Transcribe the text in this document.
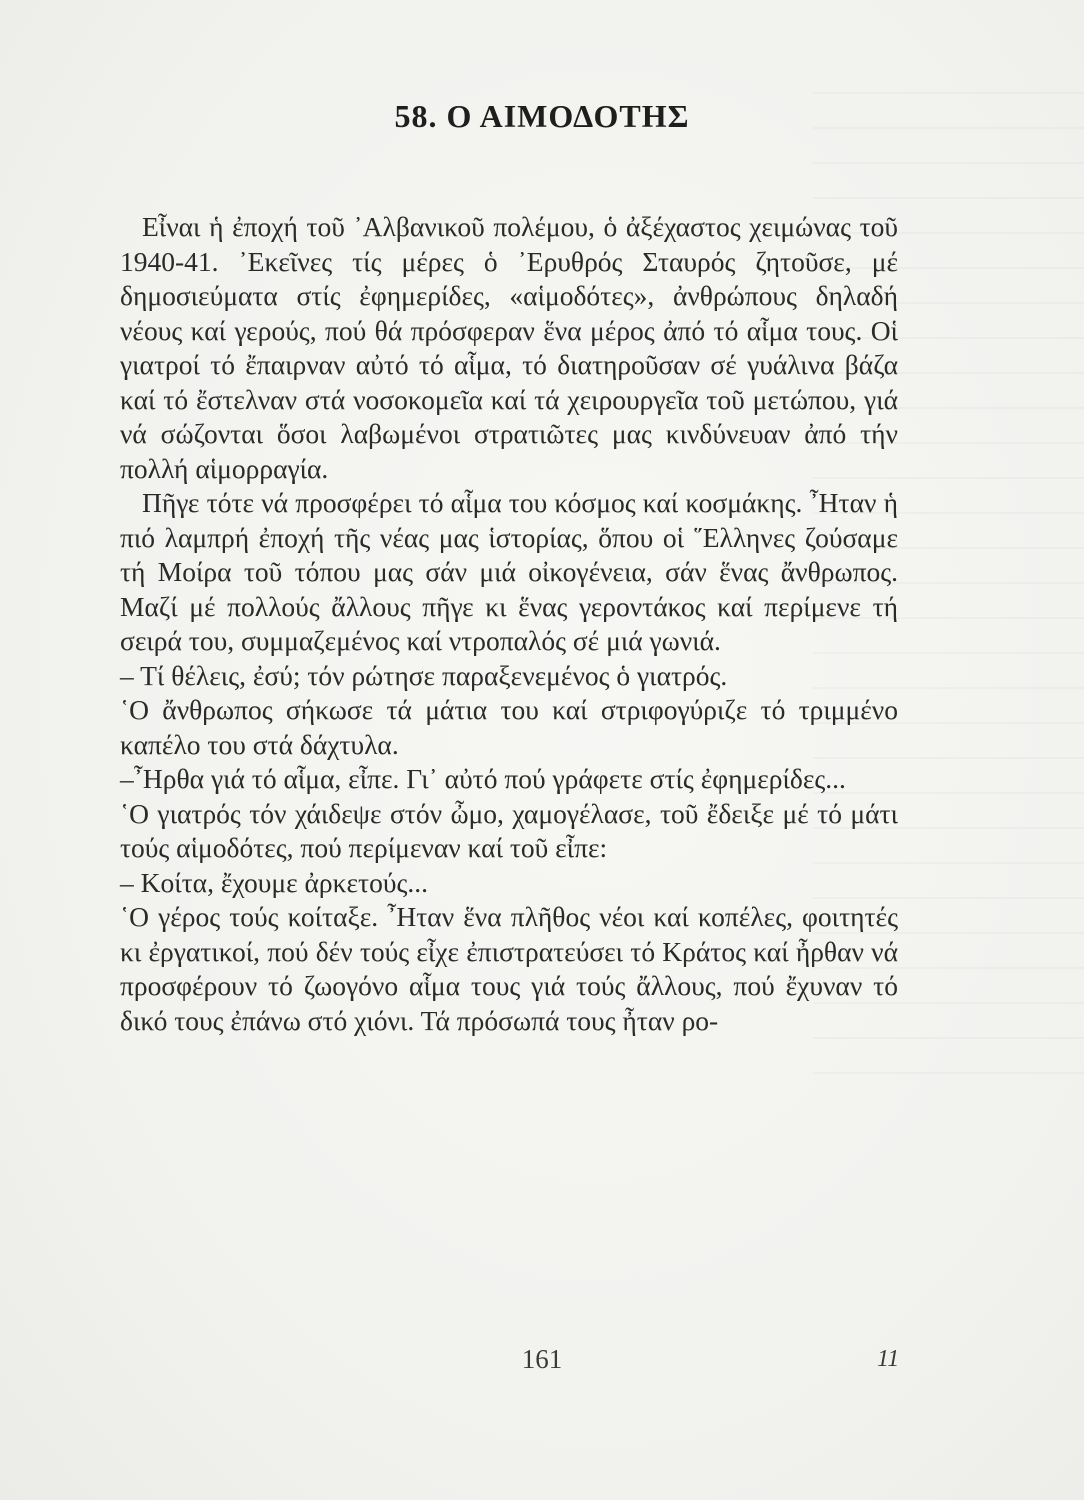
58. Ο ΑΙΜΟΔΟΤΗΣ

Εἶναι ἡ ἐποχή τοῦ ᾿Αλβανικοῦ πολέμου, ὁ ἀξέχαστος χειμώνας τοῦ 1940-41. ᾿Εκεῖνες τίς μέρες ὁ ᾿Ερυθρός Σταυρός ζητοῦσε, μέ δημοσιεύματα στίς ἐφημερίδες, «αἱμοδότες», ἀνθρώπους δηλαδή νέους καί γερούς, πού θά πρόσφεραν ἕνα μέρος ἀπό τό αἷμα τους. Οἱ γιατροί τό ἔπαιρναν αὐτό τό αἷμα, τό διατηροῦσαν σέ γυάλινα βάζα καί τό ἔστελναν στά νοσοκομεῖα καί τά χειρουργεῖα τοῦ μετώπου, γιά νά σώζονται ὅσοι λαβωμένοι στρατιῶτες μας κινδύνευαν ἀπό τήν πολλή αἱμορραγία.

Πῆγε τότε νά προσφέρει τό αἷμα του κόσμος καί κοσμάκης. ῏Ηταν ἡ πιό λαμπρή ἐποχή τῆς νέας μας ἱστορίας, ὅπου οἱ ῞Ελληνες ζούσαμε τή Μοίρα τοῦ τόπου μας σάν μιά οἰκογένεια, σάν ἕνας ἄνθρωπος. Μαζί μέ πολλούς ἄλλους πῆγε κι ἕνας γεροντάκος καί περίμενε τή σειρά του, συμμαζεμένος καί ντροπαλός σέ μιά γωνιά.

– Τί θέλεις, ἐσύ; τόν ρώτησε παραξενεμένος ὁ γιατρός.

῾Ο ἄνθρωπος σήκωσε τά μάτια του καί στριφογύριζε τό τριμμένο καπέλο του στά δάχτυλα.

–῏Ηρθα γιά τό αἷμα, εἶπε. Γι᾿ αὐτό πού γράφετε στίς ἐφημερίδες...

῾Ο γιατρός τόν χάιδεψε στόν ὦμο, χαμογέλασε, τοῦ ἔδειξε μέ τό μάτι τούς αἱμοδότες, πού περίμεναν καί τοῦ εἶπε:

– Κοίτα, ἔχουμε ἀρκετούς...

῾Ο γέρος τούς κοίταξε. ῏Ηταν ἕνα πλῆθος νέοι καί κοπέλες, φοιτητές κι ἐργατικοί, πού δέν τούς εἶχε ἐπιστρατεύσει τό Κράτος καί ἦρθαν νά προσφέρουν τό ζωογόνο αἷμα τους γιά τούς ἄλλους, πού ἔχυναν τό δικό τους ἐπάνω στό χιόνι. Τά πρόσωπά τους ἦταν ρο-

161	11
